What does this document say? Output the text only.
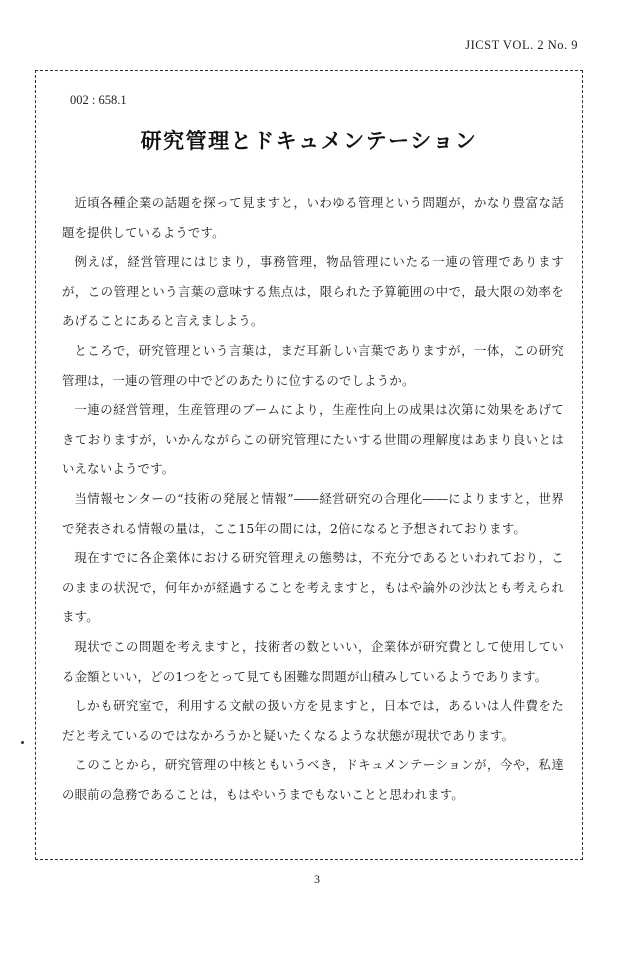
JICST VOL. 2 No. 9
002 : 658.1
研究管理とドキュメンテーション

近頃各種企業の話題を探って見ますと，いわゆる管理という問題が，かなり豊富な話題を提供しているようです。

例えば，経営管理にはじまり，事務管理，物品管理にいたる一連の管理でありますが，この管理という言葉の意味する焦点は，限られた予算範囲の中で，最大限の効率をあげることにあると言えましよう。

ところで，研究管理という言葉は，まだ耳新しい言葉でありますが，一体，この研究管理は，一連の管理の中でどのあたりに位するのでしようか。

一連の経営管理，生産管理のブームにより，生産性向上の成果は次第に効果をあげてきておりますが，いかんながらこの研究管理にたいする世間の理解度はあまり良いとはいえないようです。

当情報センターの“技術の発展と情報”――経営研究の合理化――によりますと，世界で発表される情報の量は，ここ15年の間には，2倍になると予想されております。

現在すでに各企業体における研究管理えの態勢は，不充分であるといわれており，このままの状況で，何年かが経過することを考えますと，もはや論外の沙汰とも考えられます。

現状でこの問題を考えますと，技術者の数といい，企業体が研究費として使用している金額といい，どの1つをとって見ても困難な問題が山積みしているようであります。

しかも研究室で，利用する文献の扱い方を見ますと，日本では，あるいは人件費をただと考えているのではなかろうかと疑いたくなるような状態が現状であります。

このことから，研究管理の中核ともいうべき，ドキュメンテーションが，今や，私達の眼前の急務であることは，もはやいうまでもないことと思われます。

3
